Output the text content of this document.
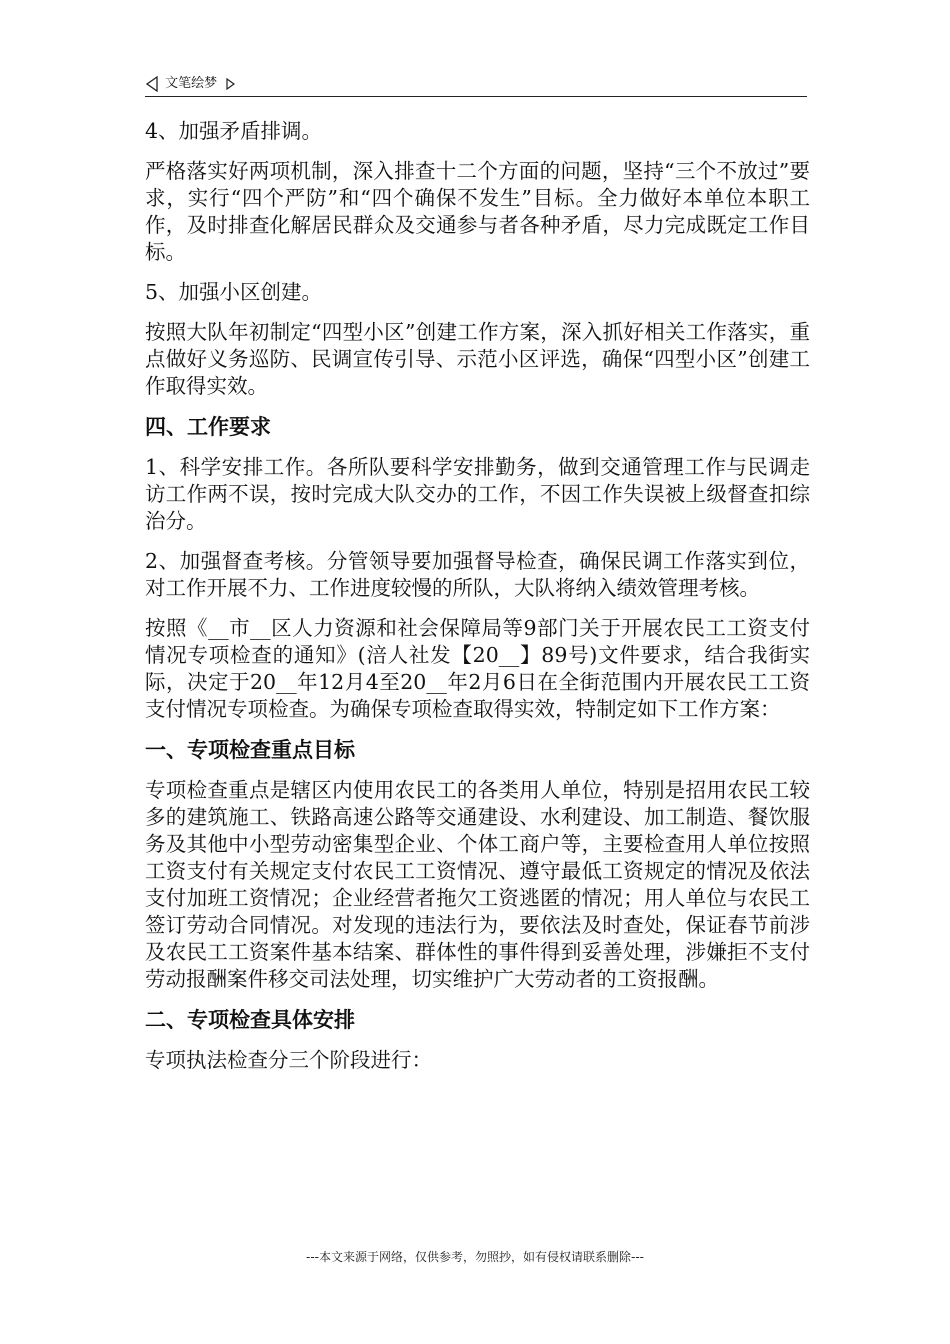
文笔绘梦
4、加强矛盾排调。
严格落实好两项机制，深入排查十二个方面的问题，坚持“三个不放过”要求，实行“四个严防”和“四个确保不发生”目标。全力做好本单位本职工作，及时排查化解居民群众及交通参与者各种矛盾，尽力完成既定工作目标。
5、加强小区创建。
按照大队年初制定“四型小区”创建工作方案，深入抓好相关工作落实，重点做好义务巡防、民调宣传引导、示范小区评选，确保“四型小区”创建工作取得实效。
四、工作要求
1、科学安排工作。各所队要科学安排勤务，做到交通管理工作与民调走访工作两不误，按时完成大队交办的工作，不因工作失误被上级督查扣综治分。
2、加强督查考核。分管领导要加强督导检查，确保民调工作落实到位，对工作开展不力、工作进度较慢的所队，大队将纳入绩效管理考核。
按照《__市__区人力资源和社会保障局等9部门关于开展农民工工资支付情况专项检查的通知》(涪人社发【20__】89号)文件要求，结合我街实际，决定于20__年12月4至20__年2月6日在全街范围内开展农民工工资支付情况专项检查。为确保专项检查取得实效，特制定如下工作方案：
一、专项检查重点目标
专项检查重点是辖区内使用农民工的各类用人单位，特别是招用农民工较多的建筑施工、铁路高速公路等交通建设、水利建设、加工制造、餐饮服务及其他中小型劳动密集型企业、个体工商户等，主要检查用人单位按照工资支付有关规定支付农民工工资情况、遵守最低工资规定的情况及依法支付加班工资情况；企业经营者拖欠工资逃匿的情况；用人单位与农民工签订劳动合同情况。对发现的违法行为，要依法及时查处，保证春节前涉及农民工工资案件基本结案、群体性的事件得到妥善处理，涉嫌拒不支付劳动报酬案件移交司法处理，切实维护广大劳动者的工资报酬。
二、专项检查具体安排
专项执法检查分三个阶段进行：
---本文来源于网络，仅供参考，勿照抄，如有侵权请联系删除---
